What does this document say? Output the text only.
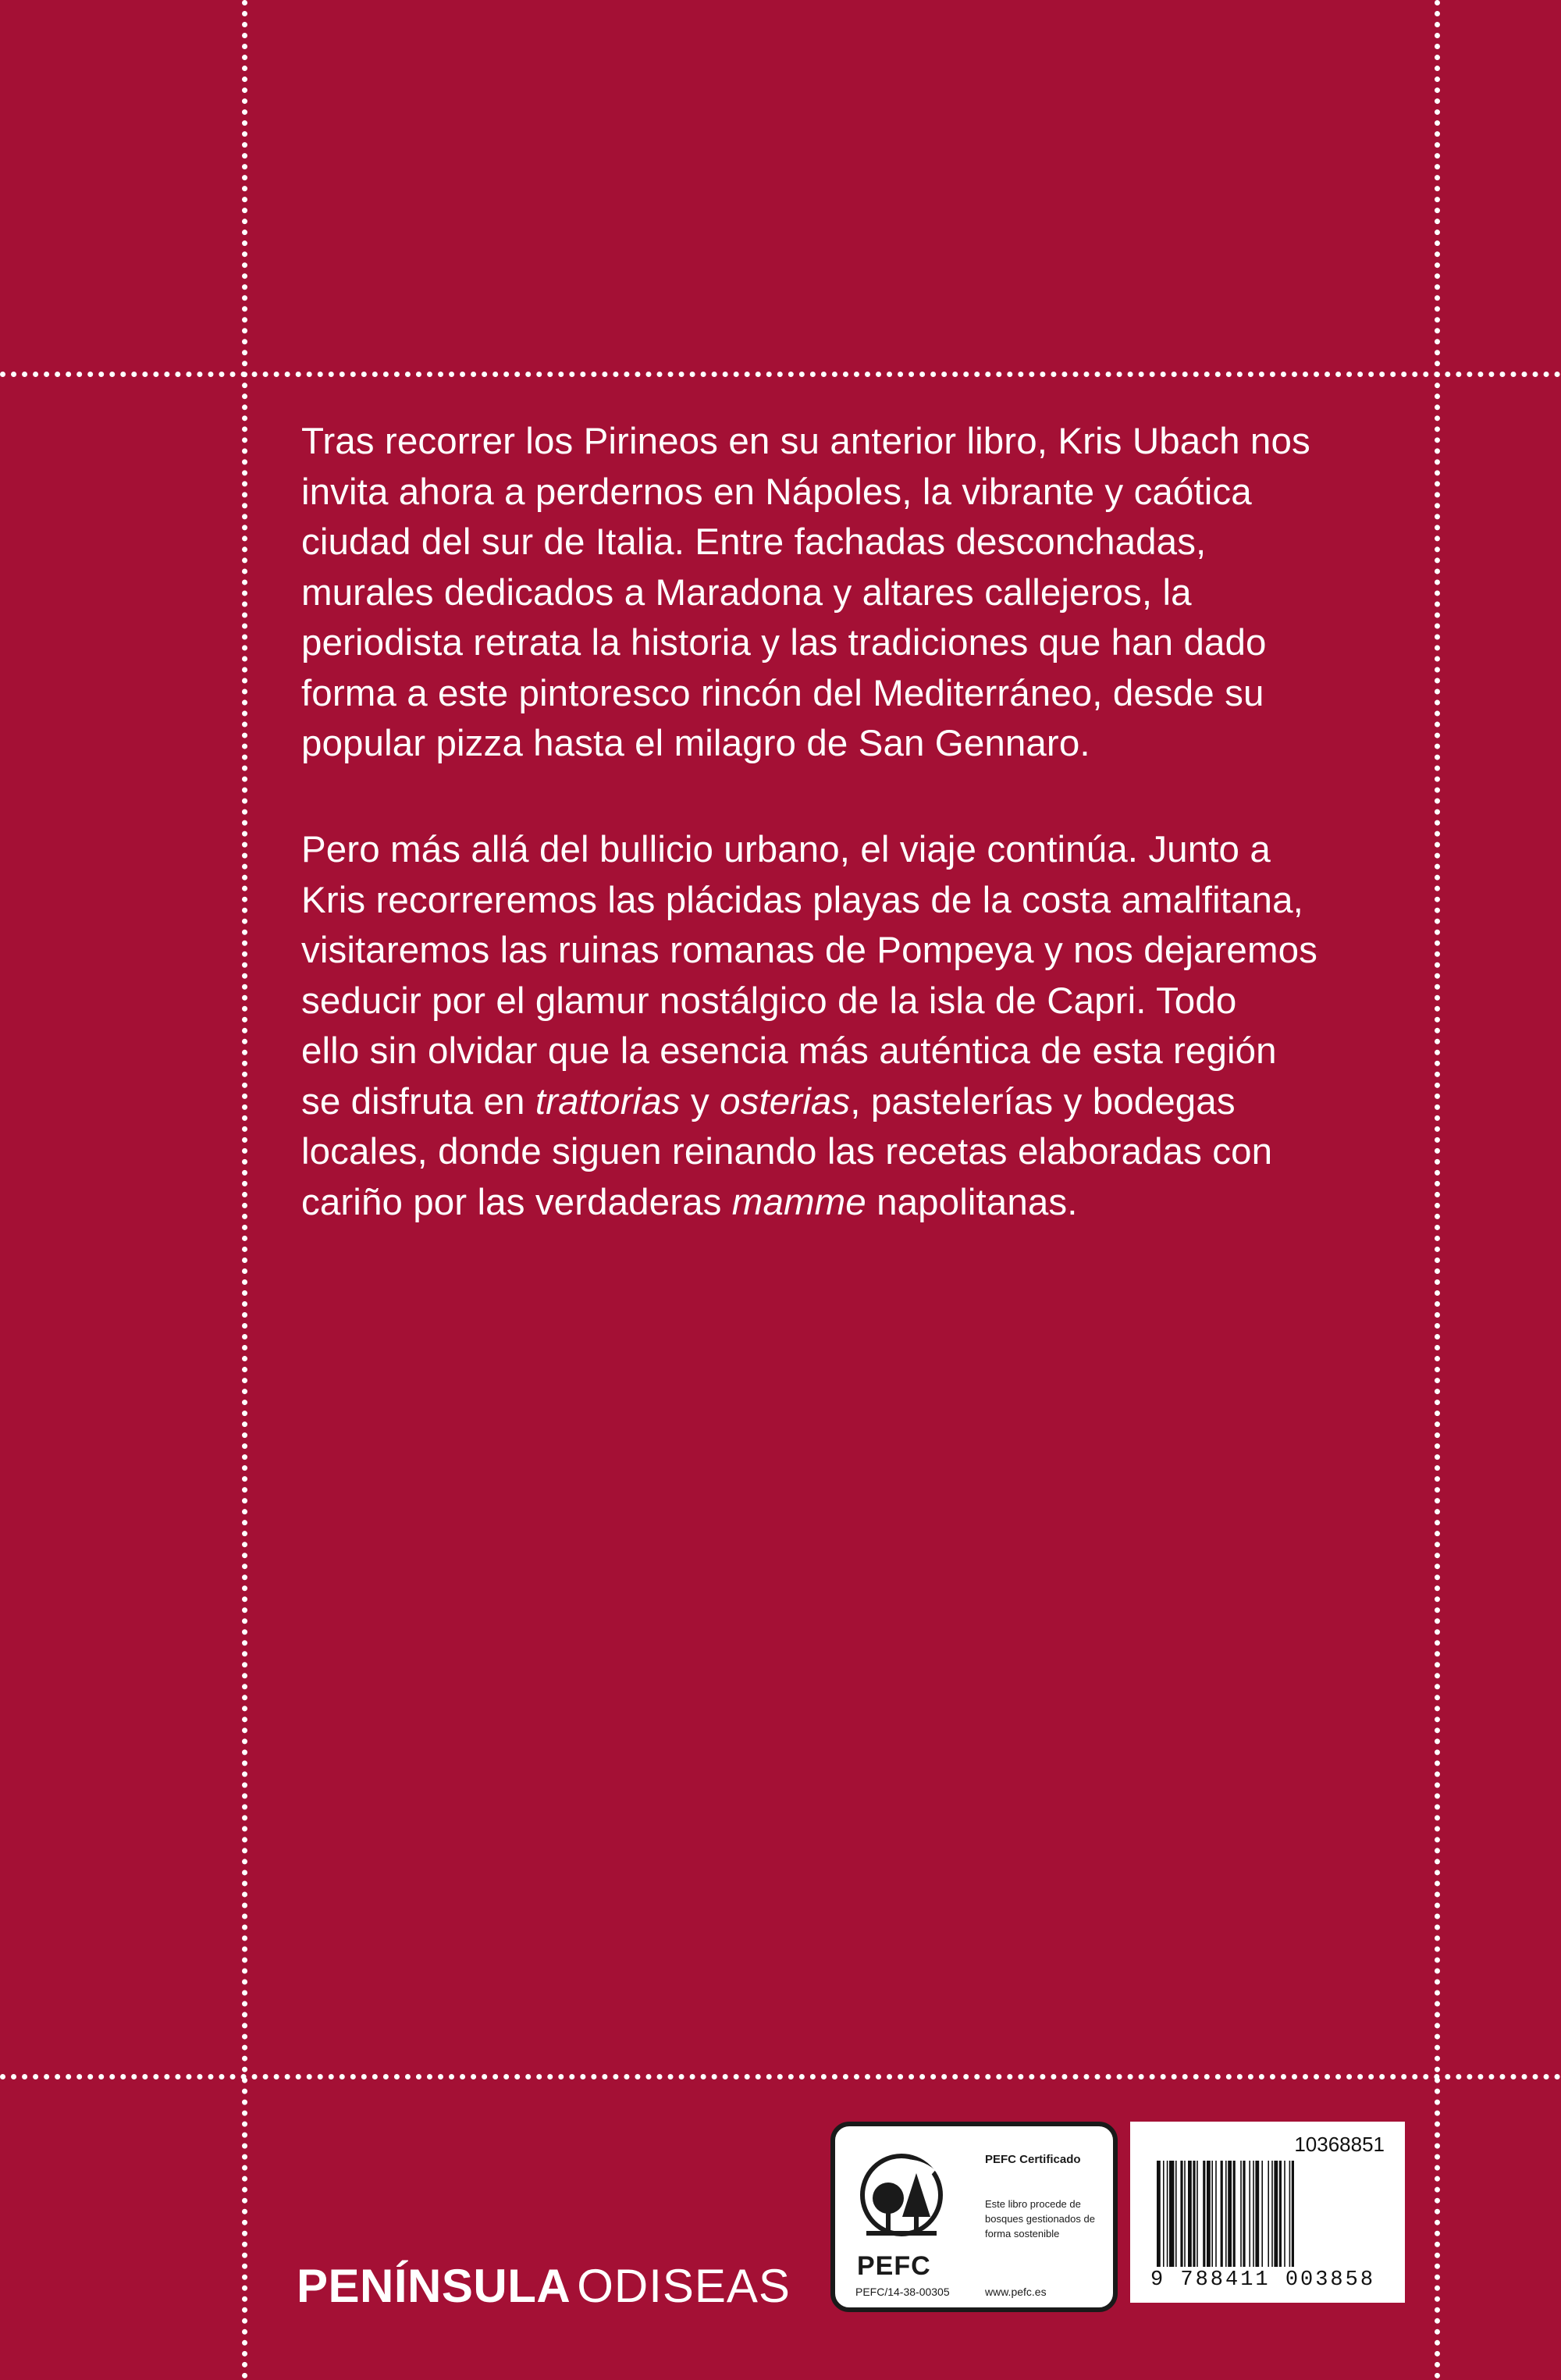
Tras recorrer los Pirineos en su anterior libro, Kris Ubach nos
invita ahora a perdernos en Nápoles, la vibrante y caótica
ciudad del sur de Italia. Entre fachadas desconchadas,
murales dedicados a Maradona y altares callejeros, la
periodista retrata la historia y las tradiciones que han dado
forma a este pintoresco rincón del Mediterráneo, desde su
popular pizza hasta el milagro de San Gennaro.
Pero más allá del bullicio urbano, el viaje continúa. Junto a
Kris recorreremos las plácidas playas de la costa amalfitana,
visitaremos las ruinas romanas de Pompeya y nos dejaremos
seducir por el glamur nostálgico de la isla de Capri. Todo
ello sin olvidar que la esencia más auténtica de esta región
se disfruta en trattorias y osterias, pastelerías y bodegas
locales, donde siguen reinando las recetas elaboradas con
cariño por las verdaderas mamme napolitanas.
PENÍNSULA ODISEAS	PEFC
PEFC/14-38-00305
PEFC Certificado
Este libro procede de bosques gestionados de forma sostenible
www.pefc.es
10368851
9 788411 003858
